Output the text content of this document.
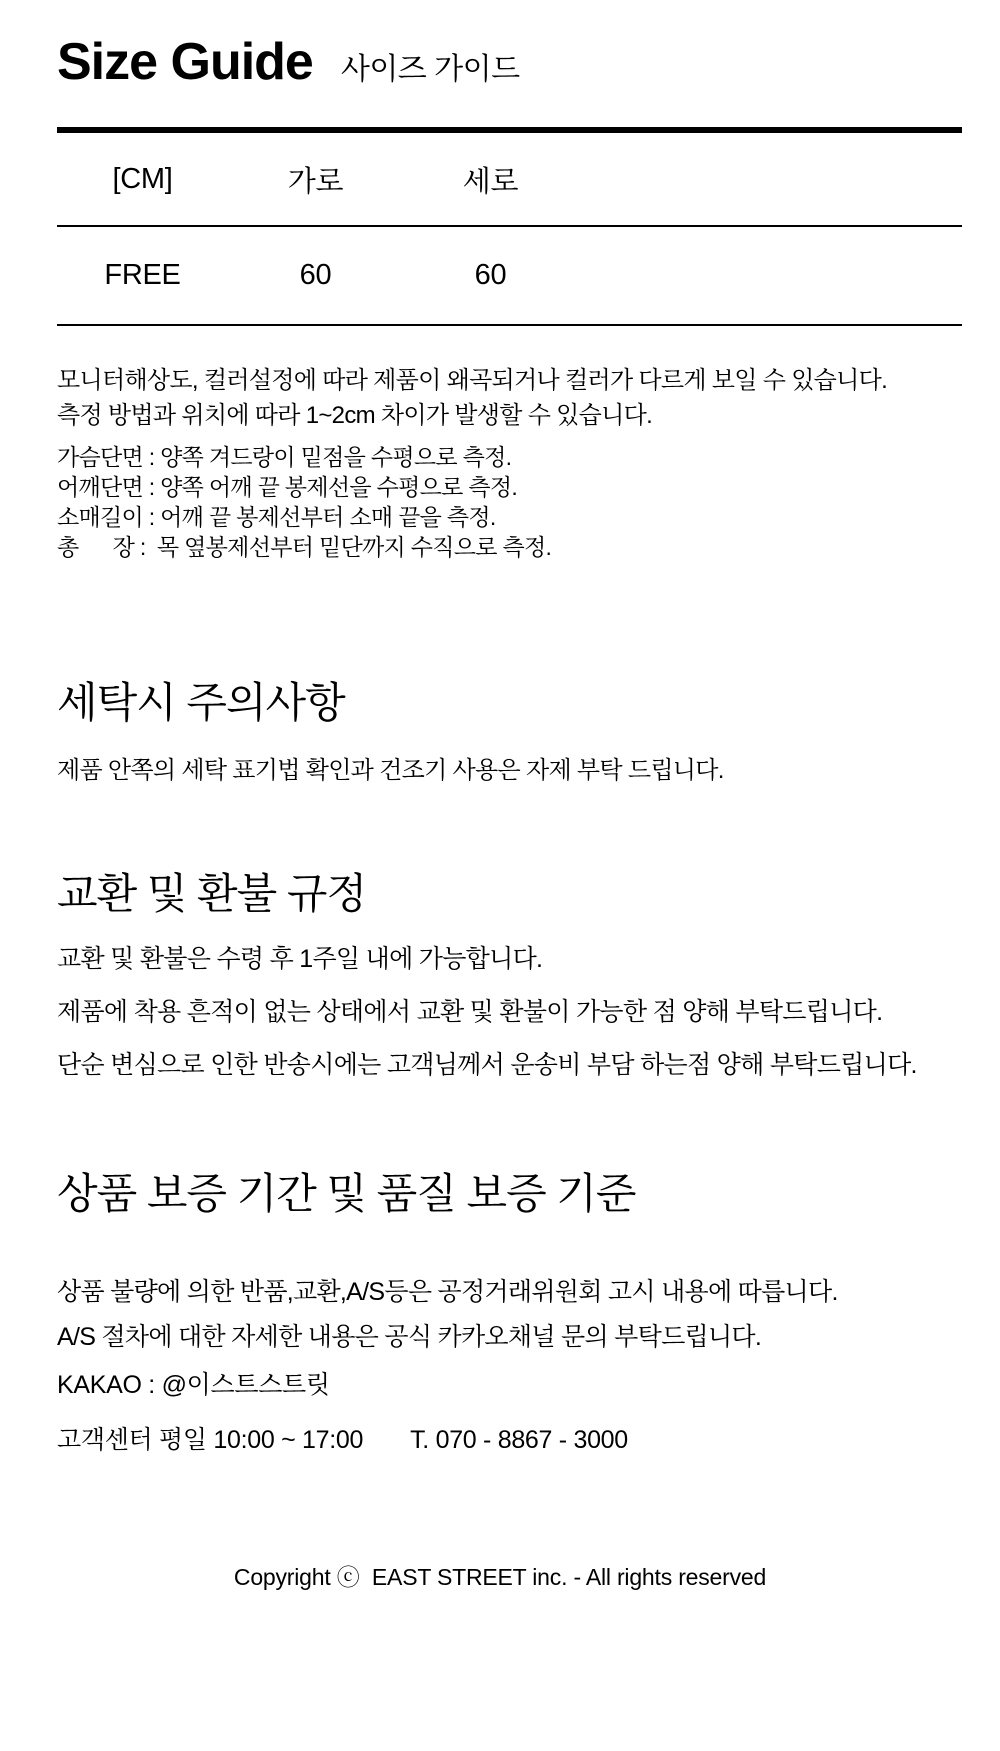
Size Guide 사이즈 가이드
[CM]	가로	세로	
FREE	60	60	
모니터해상도, 컬러설정에 따라 제품이 왜곡되거나 컬러가 다르게 보일 수 있습니다.
측정 방법과 위치에 따라 1~2cm 차이가 발생할 수 있습니다.
가슴단면 : 양쪽 겨드랑이 밑점을 수평으로 측정.
어깨단면 : 양쪽 어깨 끝 봉제선을 수평으로 측정.
소매길이 : 어깨 끝 봉제선부터 소매 끝을 측정.
총      장 :  목 옆봉제선부터 밑단까지 수직으로 측정.
세탁시 주의사항
제품 안쪽의 세탁 표기법 확인과 건조기 사용은 자제 부탁 드립니다.
교환 및 환불 규정
교환 및 환불은 수령 후 1주일 내에 가능합니다.
제품에 착용 흔적이 없는 상태에서 교환 및 환불이 가능한 점 양해 부탁드립니다.
단순 변심으로 인한 반송시에는 고객님께서 운송비 부담 하는점 양해 부탁드립니다.
상품 보증 기간 및 품질 보증 기준
상품 불량에 의한 반품,교환,A/S등은 공정거래위원회 고시 내용에 따릅니다.
A/S 절차에 대한 자세한 내용은 공식 카카오채널 문의 부탁드립니다.
KAKAO : @이스트스트릿
고객센터 평일 10:00 ~ 17:00 T. 070 - 8867 - 3000
Copyright ⓒ  EAST STREET inc. - All rights reserved
